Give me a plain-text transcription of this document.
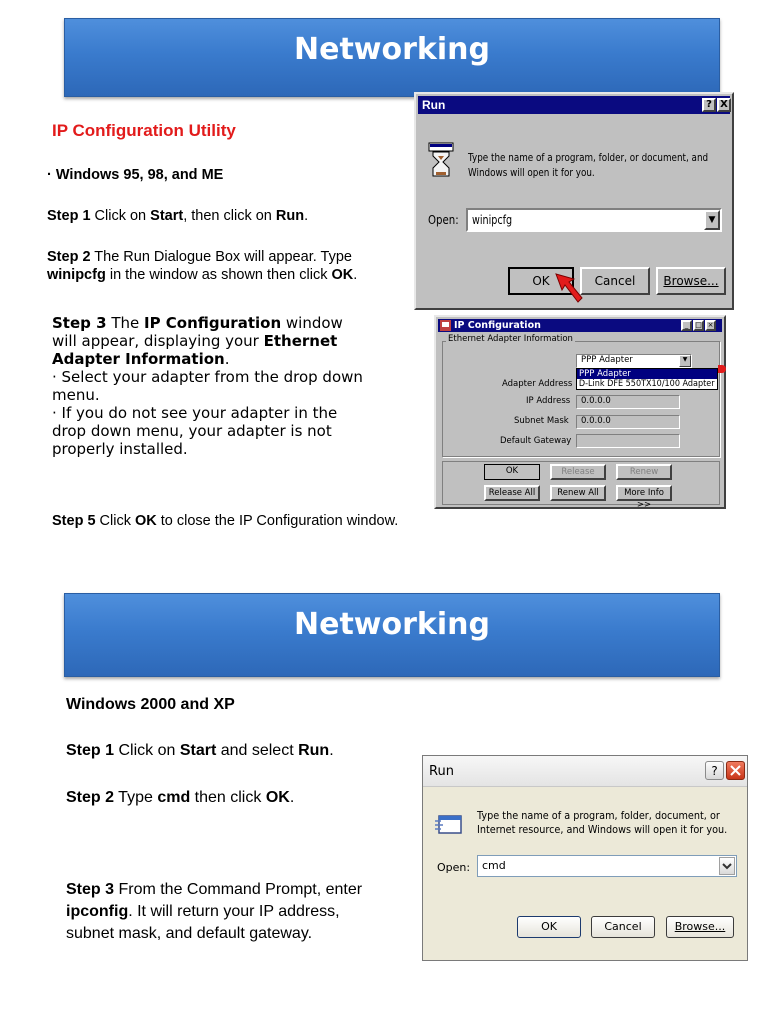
Networking
IP Configuration Utility
· Windows 95, 98, and ME
Step 1 Click on Start, then click on Run.
Step 2 The Run Dialogue Box will appear. Type
winipcfg in the window as shown then click OK.
Step 3 The IP Configuration window
will appear, displaying your Ethernet
Adapter Information.
· Select your adapter from the drop down
menu.
· If you do not see your adapter in the
drop down menu, your adapter is not
properly installed.
Step 5 Click OK to close the IP Configuration window.
Run	? X
Type the name of a program, folder, or document, and
Windows will open it for you.
Open:	winipcfg	▼
OK	Cancel	Browse...
IP Configuration	_ □ ×
Ethernet Adapter Information
PPP Adapter	▼
PPP Adapter
D-Link DFE 550TX10/100 Adapter
Adapter Address
IP Address	0.0.0.0
Subnet Mask	0.0.0.0
Default Gateway
OK	Release	Renew
Release All	Renew All	More Info >>
Networking
Windows 2000 and XP
Step 1 Click on Start and select Run.
Step 2 Type cmd then click OK.
Step 3 From the Command Prompt, enter
ipconfig. It will return your IP address,
subnet mask, and default gateway.
Run	?
Type the name of a program, folder, document, or
Internet resource, and Windows will open it for you.
Open:	cmd
OK	Cancel	Browse...
